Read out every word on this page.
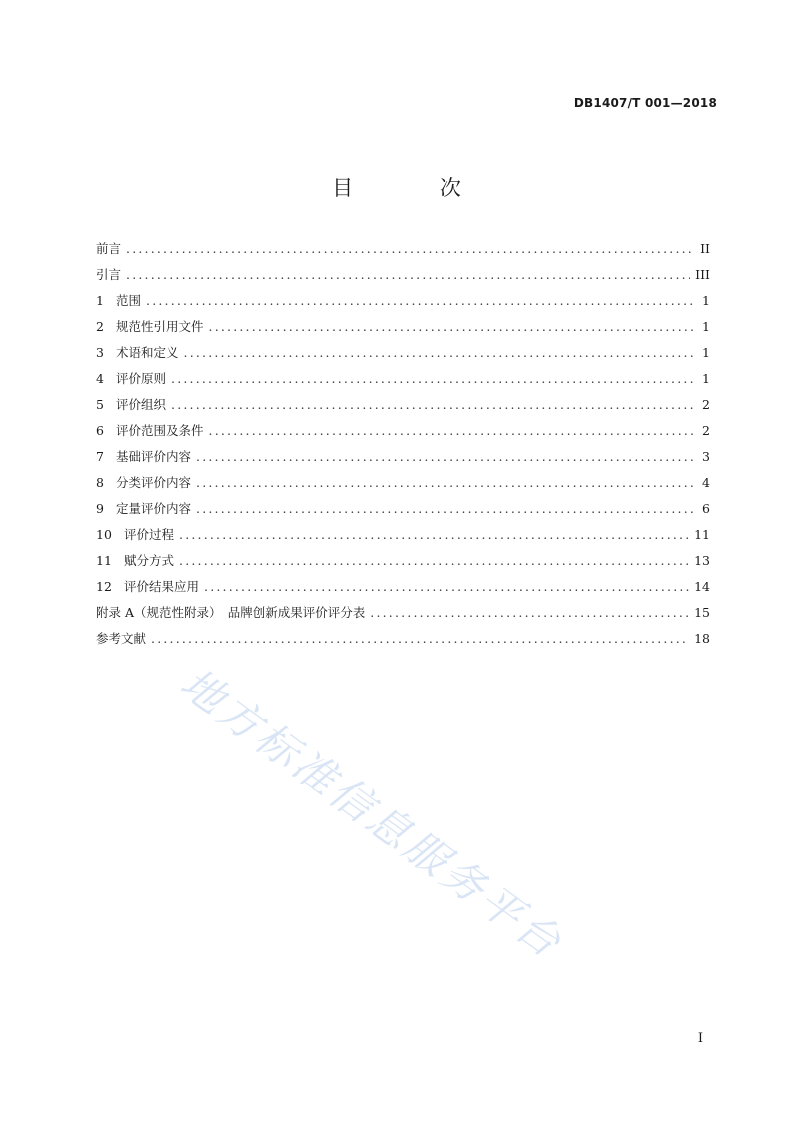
DB1407/T 001—2018
目 次
前言 .....	II
引言 .....	III
1 范围 .....	1
2 规范性引用文件 .....	1
3 术语和定义 .....	1
4 评价原则 .....	1
5 评价组织 .....	2
6 评价范围及条件 .....	2
7 基础评价内容 .....	3
8 分类评价内容 .....	4
9 定量评价内容 .....	6
10 评价过程 .....	11
11 赋分方式 .....	13
12 评价结果应用 .....	14
附录 A（规范性附录）　品牌创新成果评价评分表 .....	15
参考文献 .....	18
地方标准信息服务平台
I
